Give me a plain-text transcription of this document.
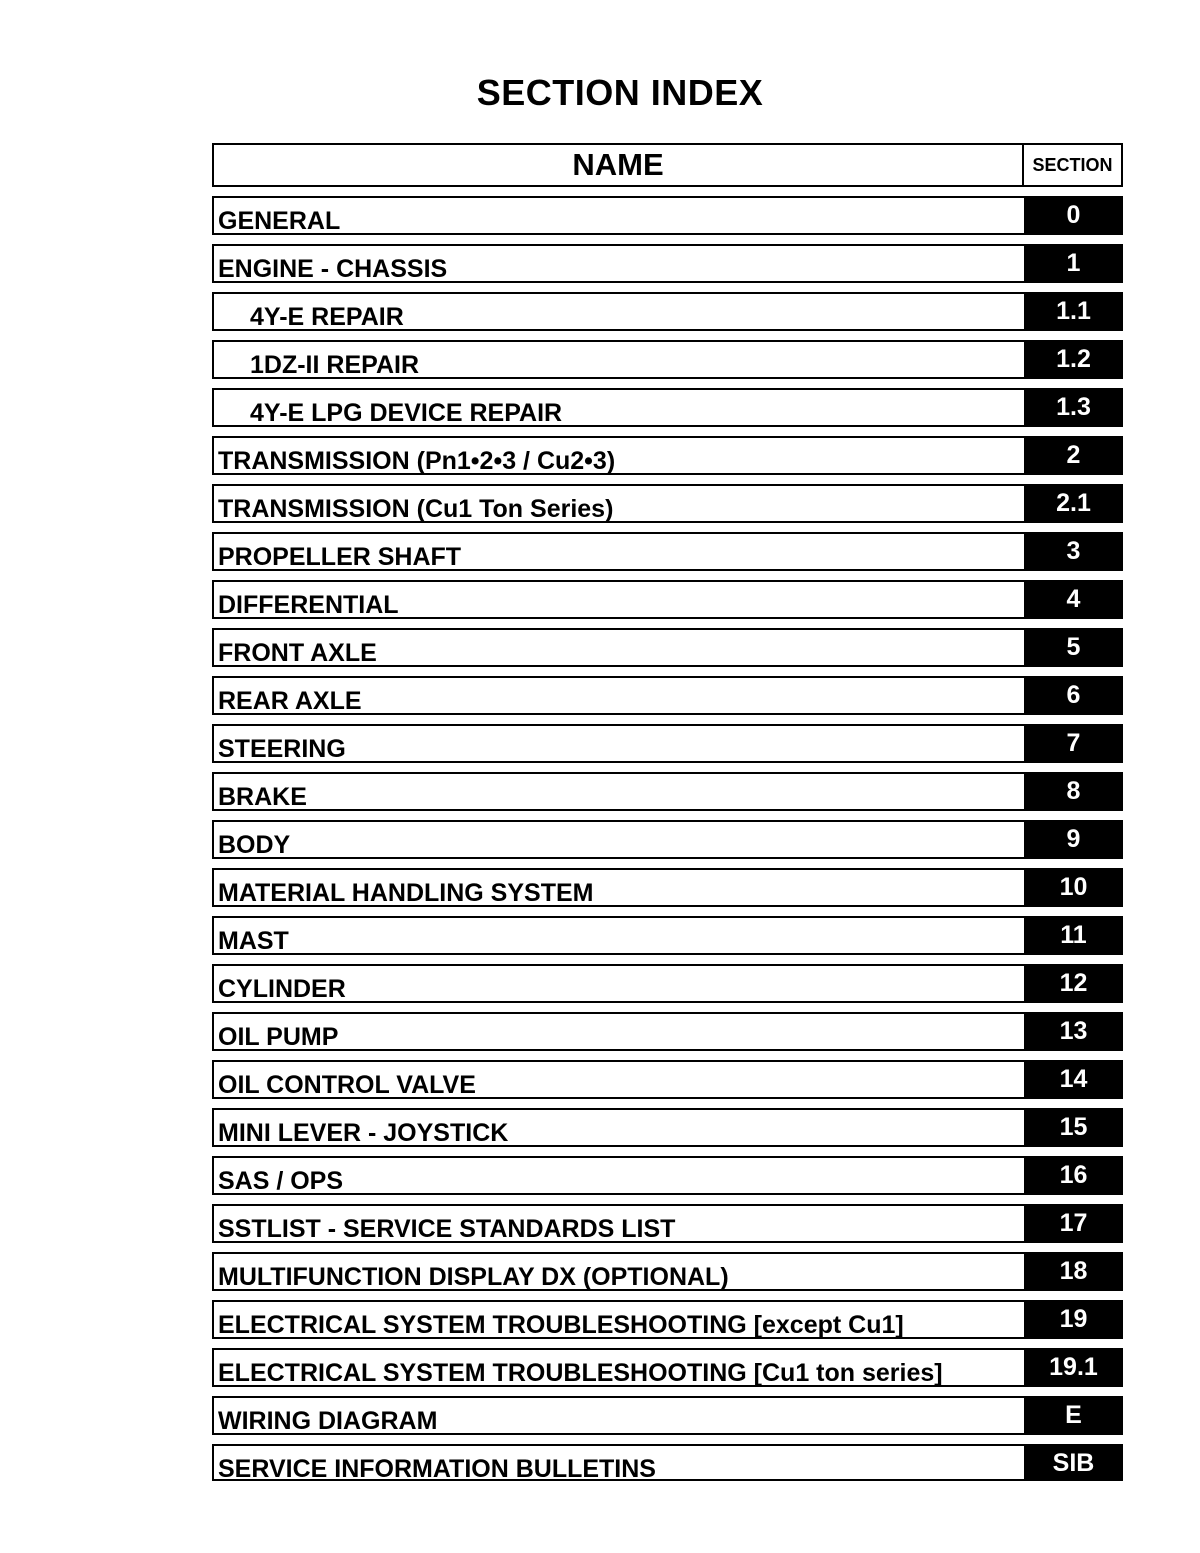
SECTION INDEX
NAME	SECTION
GENERAL	0
ENGINE - CHASSIS	1
4Y-E REPAIR	1.1
1DZ-II REPAIR	1.2
4Y-E LPG DEVICE REPAIR	1.3
TRANSMISSION (Pn1•2•3 / Cu2•3)	2
TRANSMISSION (Cu1 Ton Series)	2.1
PROPELLER SHAFT	3
DIFFERENTIAL	4
FRONT AXLE	5
REAR AXLE	6
STEERING	7
BRAKE	8
BODY	9
MATERIAL HANDLING SYSTEM	10
MAST	11
CYLINDER	12
OIL PUMP	13
OIL CONTROL VALVE	14
MINI LEVER - JOYSTICK	15
SAS / OPS	16
SSTLIST - SERVICE STANDARDS LIST	17
MULTIFUNCTION DISPLAY DX (OPTIONAL)	18
ELECTRICAL SYSTEM TROUBLESHOOTING [except Cu1]	19
ELECTRICAL SYSTEM TROUBLESHOOTING [Cu1 ton series]	19.1
WIRING DIAGRAM	E
SERVICE INFORMATION BULLETINS	SIB
